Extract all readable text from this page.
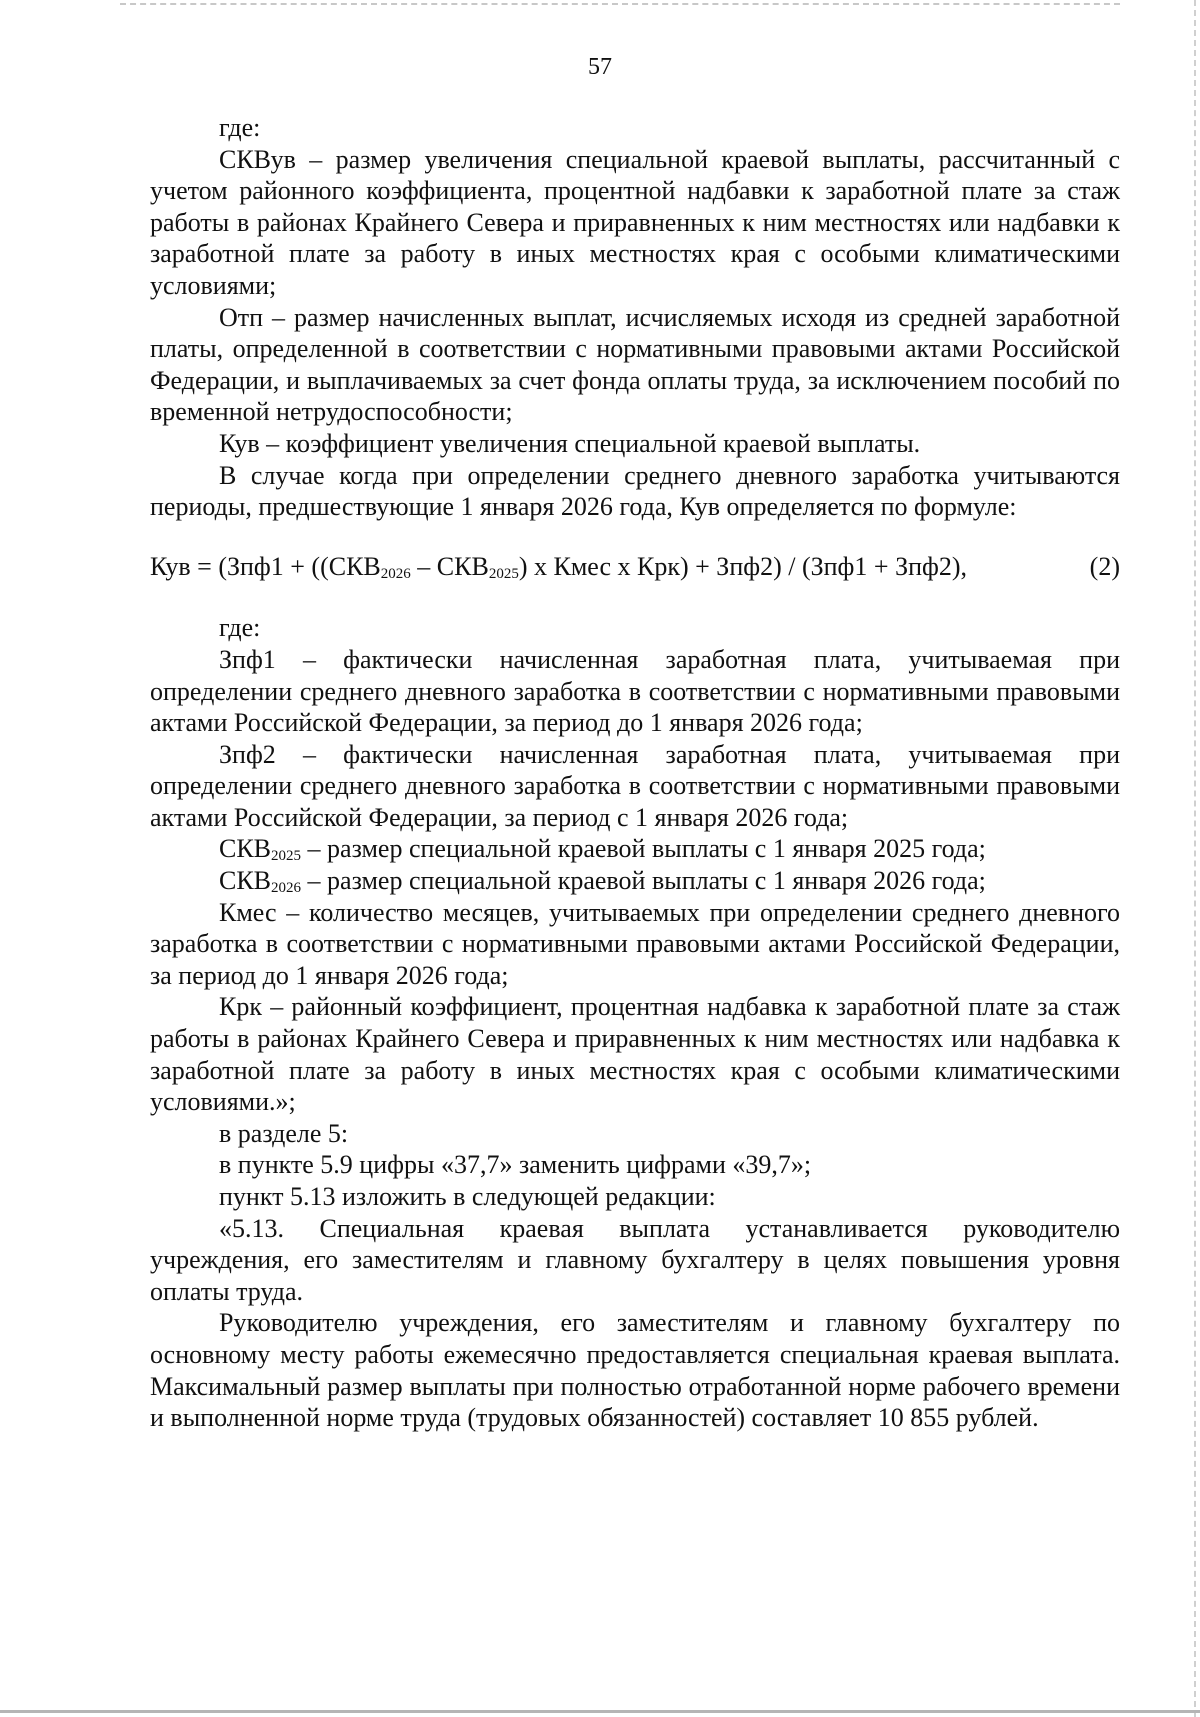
57

где:

СКВув – размер увеличения специальной краевой выплаты, рассчитанный с учетом районного коэффициента, процентной надбавки к заработной плате за стаж работы в районах Крайнего Севера и приравненных к ним местностях или надбавки к заработной плате за работу в иных местностях края с особыми климатическими условиями;

Отп – размер начисленных выплат, исчисляемых исходя из средней заработной платы, определенной в соответствии с нормативными правовыми актами Российской Федерации, и выплачиваемых за счет фонда оплаты труда, за исключением пособий по временной нетрудоспособности;

Кув – коэффициент увеличения специальной краевой выплаты.

В случае когда при определении среднего дневного заработка учитываются периоды, предшествующие 1 января 2026 года, Кув определяется по формуле:

Кув = ($Зпф1 + ((СКВ_{2026} - СКВ_{2025})$ х Кмес х Крк) + Зпф2) / (Зпф1 + Зпф2),	(2)

где:

Зпф1 – фактически начисленная заработная плата, учитываемая при определении среднего дневного заработка в соответствии с нормативными правовыми актами Российской Федерации, за период до 1 января 2026 года;

Зпф2 – фактически начисленная заработная плата, учитываемая при определении среднего дневного заработка в соответствии с нормативными правовыми актами Российской Федерации, за период с 1 января 2026 года;

$СКВ_{2025}$ – размер специальной краевой выплаты с 1 января 2025 года;

$СКВ_{2026}$ – размер специальной краевой выплаты с 1 января 2026 года;

Кмес – количество месяцев, учитываемых при определении среднего дневного заработка в соответствии с нормативными правовыми актами Российской Федерации, за период до 1 января 2026 года;

Крк – районный коэффициент, процентная надбавка к заработной плате за стаж работы в районах Крайнего Севера и приравненных к ним местностях или надбавка к заработной плате за работу в иных местностях края с особыми климатическими условиями.»;

в разделе 5:

в пункте 5.9 цифры «37,7» заменить цифрами «39,7»;

пункт 5.13 изложить в следующей редакции:

«5.13. Специальная краевая выплата устанавливается руководителю учреждения, его заместителям и главному бухгалтеру в целях повышения уровня оплаты труда.

Руководителю учреждения, его заместителям и главному бухгалтеру по основному месту работы ежемесячно предоставляется специальная краевая выплата. Максимальный размер выплаты при полностью отработанной норме рабочего времени и выполненной норме труда (трудовых обязанностей) составляет 10 855 рублей.
